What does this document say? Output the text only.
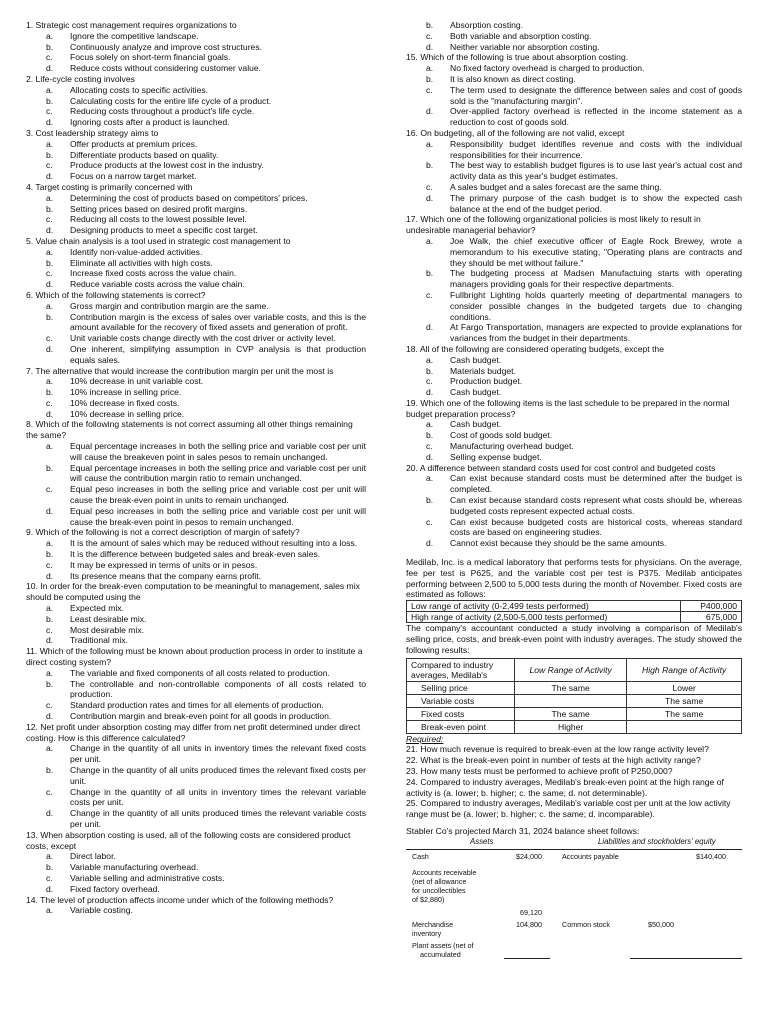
1. Strategic cost management requires organizations to
a.	Ignore the competitive landscape.
b.	Continuously analyze and improve cost structures.
c.	Focus solely on short-term financial goals.
d.	Reduce costs without considering customer value.
2. Life-cycle costing involves
a.	Allocating costs to specific activities.
b.	Calculating costs for the entire life cycle of a product.
c.	Reducing costs throughout a product's life cycle.
d.	Ignoring costs after a product is launched.
3. Cost leadership strategy aims to
a.	Offer products at premium prices.
b.	Differentiate products based on quality.
c.	Produce products at the lowest cost in the industry.
d.	Focus on a narrow target market.
4. Target costing is primarily concerned with
a.	Determining the cost of products based on competitors' prices.
b.	Setting prices based on desired profit margins.
c.	Reducing all costs to the lowest possible level.
d.	Designing products to meet a specific cost target.
5. Value chain analysis is a tool used in strategic cost management to
a.	Identify non-value-added activities.
b.	Eliminate all activities with high costs.
c.	Increase fixed costs across the value chain.
d.	Reduce variable costs across the value chain.
6. Which of the following statements is correct?
a.	Gross margin and contribution margin are the same.
b.	Contribution margin is the excess of sales over variable costs, and this is the amount available for the recovery of fixed assets and generation of profit.
c.	Unit variable costs change directly with the cost driver or activity level.
d.	One inherent, simplifying assumption in CVP analysis is that production equals sales.
7. The alternative that would increase the contribution margin per unit the most is
a.	10% decrease in unit variable cost.
b.	10% increase in selling price.
c.	10% decrease in fixed costs.
d.	10% decrease in selling price.
8. Which of the following statements is not correct assuming all other things remaining the same?
a.	Equal percentage increases in both the selling price and variable cost per unit will cause the breakeven point in sales pesos to remain unchanged.
b.	Equal percentage increases in both the selling price and variable cost per unit will cause the contribution margin ratio to remain unchanged.
c.	Equal peso increases in both the selling price and variable cost per unit will cause the break-even point in units to remain unchanged.
d.	Equal peso increases in both the selling price and variable cost per unit will cause the break-even point in pesos to remain unchanged.
9. Which of the following is not a correct description of margin of safety?
a.	It is the amount of sales which may be reduced without resulting into a loss.
b.	It is the difference between budgeted sales and break-even sales.
c.	It may be expressed in terms of units or in pesos.
d.	Its presence means that the company earns profit.
10. In order for the break-even computation to be meaningful to management, sales mix should be computed using the
a.	Expected mix.
b.	Least desirable mix.
c.	Most desirable mix.
d.	Traditional mix.
11. Which of the following must be known about production process in order to institute a direct costing system?
a.	The variable and fixed components of all costs related to production.
b.	The controllable and non-controllable components of all costs related to production.
c.	Standard production rates and times for all elements of production.
d.	Contribution margin and break-even point for all goods in production.
12. Net profit under absorption costing may differ from net profit determined under direct costing. How is this difference calculated?
a.	Change in the quantity of all units in inventory times the relevant fixed costs per unit.
b.	Change in the quantity of all units produced times the relevant fixed costs per unit.
c.	Change in the quantity of all units in inventory times the relevant variable costs per unit.
d.	Change in the quantity of all units produced times the relevant variable costs per unit.
13. When absorption costing is used, all of the following costs are considered product costs, except
a.	Direct labor.
b.	Variable manufacturing overhead.
c.	Variable selling and administrative costs.
d.	Fixed factory overhead.
14. The level of production affects income under which of the following methods?
a.	Variable costing.
b.	Absorption costing.
c.	Both variable and absorption costing.
d.	Neither variable nor absorption costing.
15. Which of the following is true about absorption costing.
a.	No fixed factory overhead is charged to production.
b.	It is also known as direct costing.
c.	The term used to designate the difference between sales and cost of goods sold is the "manufacturing margin".
d.	Over-applied factory overhead is reflected in the income statement as a reduction to cost of goods sold.
16. On budgeting, all of the following are not valid, except
a.	Responsibility budget identifies revenue and costs with the individual responsibilities for their incurrence.
b.	The best way to establish budget figures is to use last year's actual cost and activity data as this year's budget estimates.
c.	A sales budget and a sales forecast are the same thing.
d.	The primary purpose of the cash budget is to show the expected cash balance at the end of the budget period.
17. Which one of the following organizational policies is most likely to result in undesirable managerial behavior?
a.	Joe Walk, the chief executive officer of Eagle Rock Brewey, wrote a memorandum to his executive stating, "Operating plans are contracts and they should be met without failure."
b.	The budgeting process at Madsen Manufactuing starts with operating managers providing goals for their respective departments.
c.	Fullbright Lighting holds quarterly meeting of departmental managers to consider possible changes in the budgeted targets due to changing conditions.
d.	At Fargo Transportation, managers are expected to provide explanations for variances from the budget in their departments.
18. All of the following are considered operating budgets, except the
a.	Cash budget.
b.	Materials budget.
c.	Production budget.
d.	Cash budget.
19. Which one of the following items is the last schedule to be prepared in the normal budget preparation process?
a.	Cash budget.
b.	Cost of goods sold budget.
c.	Manufacturing overhead budget.
d.	Selling expense budget.
20. A difference between standard costs used for cost control and budgeted costs
a.	Can exist because standard costs must be determined after the budget is completed.
b.	Can exist because standard costs represent what costs should be, whereas budgeted costs represent expected actual costs.
c.	Can exist because budgeted costs are historical costs, whereas standard costs are based on engineering studies.
d.	Cannot exist because they should be the same amounts.
Medilab, Inc. is a medical laboratory that performs tests for physicians. On the average, fee per test is P625, and the variable cost per test is P375. Medilab anticipates performing between 2,500 to 5,000 tests during the month of November. Fixed costs are estimated as follows:
Low range of activity (0-2,499 tests performed)	P400,000
High range of activity (2,500-5,000 tests performed)	675,000
The company's accountant conducted a study involving a comparison of Medilab's selling price, costs, and break-even point with industry averages. The study showed the following results:
Compared to industry averages, Medilab's	Low Range of Activity	High Range of Activity
Selling price	The same	Lower
Variable costs		The same
Fixed costs	The same	The same
Break-even point	Higher	
Required:
21. How much revenue is required to break-even at the low range activity level?
22. What is the break-even point in number of tests at the high activity range?
23. How many tests must be performed to achieve profit of P250,000?
24. Compared to industry averages, Medilab's break-even point at the high range of activity is (a. lower; b. higher; c. the same; d. not determinable).
25. Compared to industry averages, Medilab's variable cost per unit at the low activity range must be (a. lower; b. higher; c. the same; d. incomparable).
Stabler Co's projected March 31, 2024 balance sheet follows:
Assets	Liabilities and stockholders' equity
Cash	$24,000	Accounts payable	$140,400
Accounts receivable
(net of allowance
for uncollectibles
of $2,880)
69,120
Merchandise
inventory
104,800	Common stock	$50,000
Plant assets (net of
accumulated
